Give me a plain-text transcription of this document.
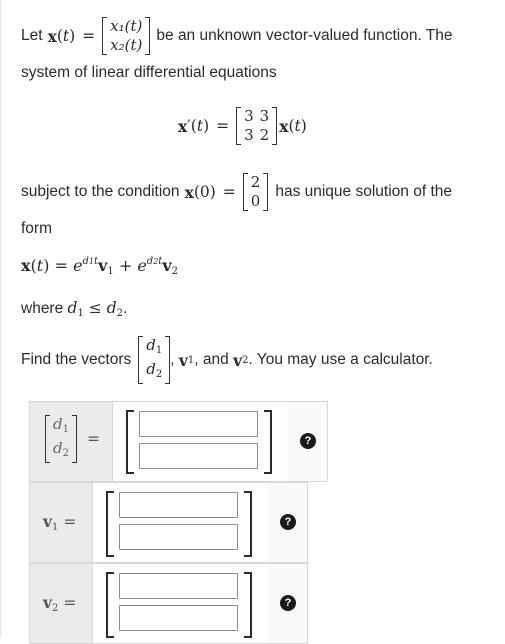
Let x (t) =
x₁(t)
x₂(t)
be an unknown vector-valued function. The
system of linear differential equations
x ′(t) =
3	3
3	2 x (t)
subject to the condition x (0) =
2
0
has unique solution of the
form
$x(t) = e^{d1t}v_1 + e^{d2t}v_2$
where $d_1 \le d_2$.
Find the vectors
$d_1$
$d_2$
, v 1 , and
v 2 . You may use a calculator.
$d_1$
$d_2$
=	?
$v_1$ =	?
$v_2$ =	?
